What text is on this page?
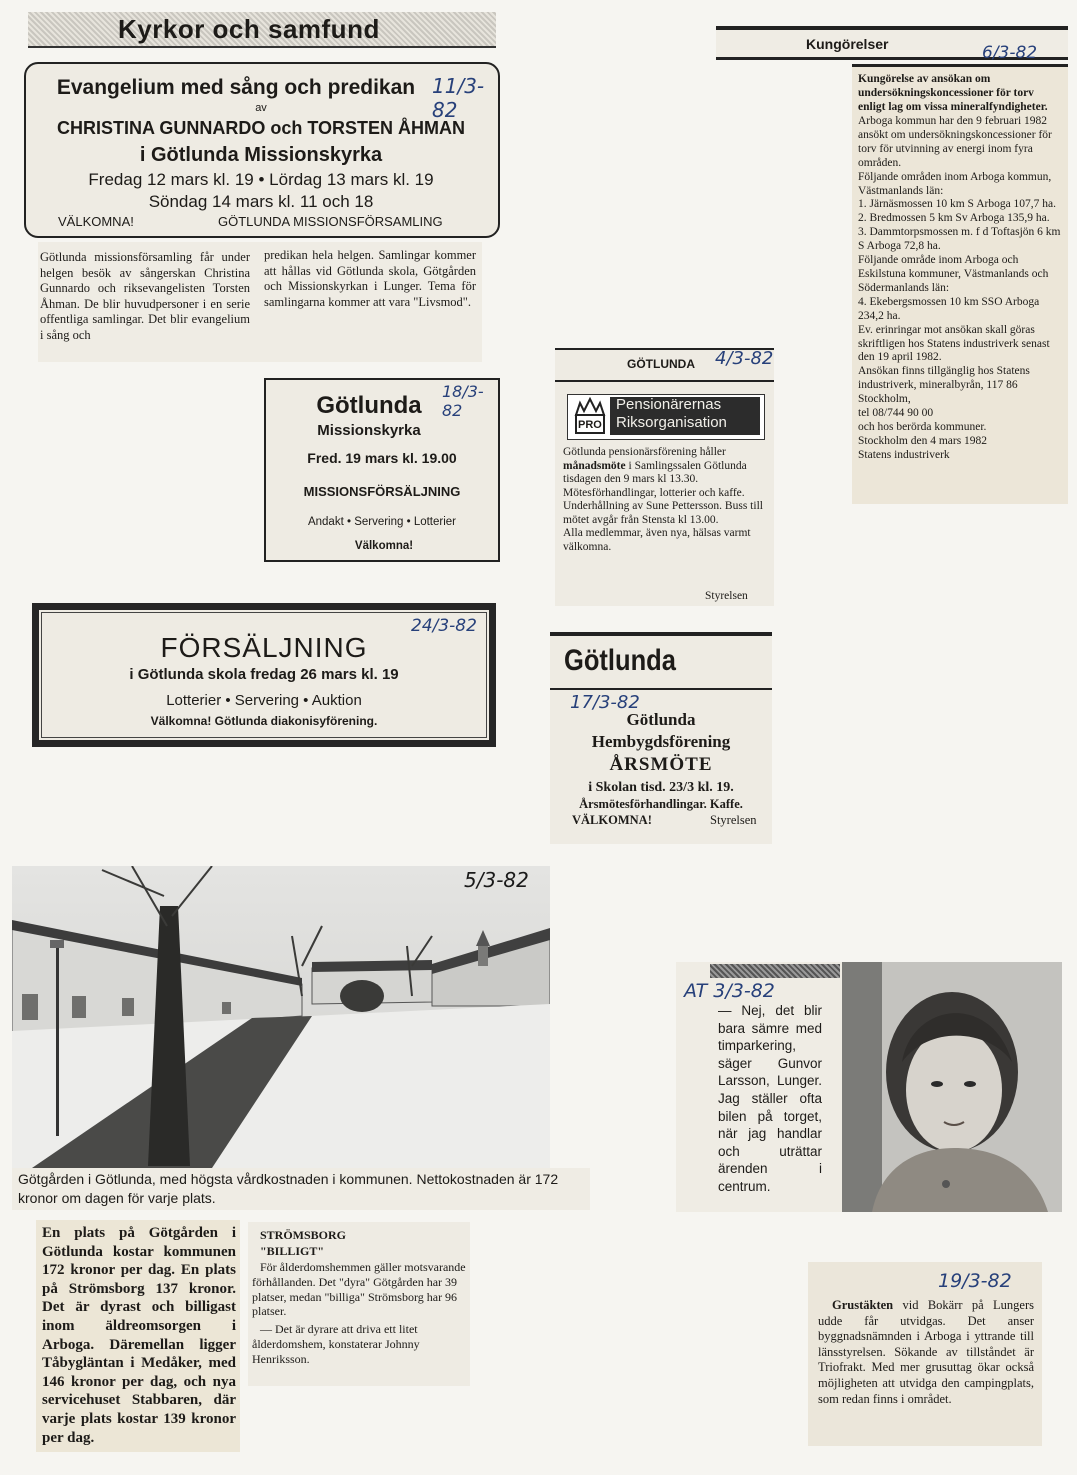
Kyrkor och samfund
11/3-82
Evangelium med sång och predikan
av
CHRISTINA GUNNARDO och TORSTEN ÅHMAN
i Götlunda Missionskyrka
Fredag 12 mars kl. 19 • Lördag 13 mars kl. 19
Söndag 14 mars kl. 11 och 18
VÄLKOMNA!	GÖTLUNDA MISSIONSFÖRSAMLING

Götlunda missionsförsamling får under helgen besök av sångerskan Christina Gunnardo och riksevangelisten Torsten Åhman. De blir huvudpersoner i en serie offentliga samlingar. Det blir evangelium i sång och

predikan hela helgen. Samlingar kommer att hållas vid Götlunda skola, Götgården och Missionskyrkan i Lunger. Tema för samlingarna kommer att vara "Livsmod".

18/3-82
Götlunda
Missionskyrka
Fred. 19 mars kl. 19.00
MISSIONSFÖRSÄLJNING
Andakt • Servering • Lotterier
Välkomna!
24/3-82
FÖRSÄLJNING
i Götlunda skola fredag 26 mars kl. 19
Lotterier • Servering • Auktion
Välkomna! Götlunda diakonisyförening.
Kungörelser	6/3-82

Kungörelse av ansökan om undersökningskoncessioner för torv enligt lag om vissa mineralfyndigheter.

Arboga kommun har den 9 februari 1982 ansökt om undersökningskoncessioner för torv för utvinning av energi inom fyra områden.

Följande områden inom Arboga kommun, Västmanlands län:

1. Järnäsmossen 10 km S Arboga 107,7 ha.

2. Bredmossen 5 km Sv Arboga 135,9 ha.

3. Dammtorpsmossen m. f d Toftasjön 6 km S Arboga 72,8 ha.

Följande område inom Arboga och Eskilstuna kommuner, Västmanlands och Södermanlands län:

4. Ekebergsmossen 10 km SSO Arboga 234,2 ha.

Ev. erinringar mot ansökan skall göras skriftligen hos Statens industriverk senast den 19 april 1982.

Ansökan finns tillgänglig hos Statens industriverk, mineralbyrån, 117 86 Stockholm,

tel 08/744 90 00

och hos berörda kommuner.

Stockholm den 4 mars 1982

Statens industriverk

GÖTLUNDA 4/3-82
PRO
Pensionärernas
Riksorganisation

Götlunda pensionärsförening håller månadsmöte i Samlingssalen Götlunda tisdagen den 9 mars kl 13.30.

Mötesförhandlingar, lotterier och kaffe.

Underhållning av Sune Pettersson. Buss till mötet avgår från Stensta kl 13.00.

Alla medlemmar, även nya, hälsas varmt välkomna.

Styrelsen
Götlunda
17/3-82
Götlunda
Hembygdsförening
ÅRSMÖTE
i Skolan tisd. 23/3 kl. 19.
Årsmötesförhandlingar. Kaffe.
VÄLKOMNA!	Styrelsen
5/3-82
Götgården i Götlunda, med högsta vårdkostnaden i kommunen. Nettokostnaden är 172 kronor om dagen för varje plats.

En plats på Götgården i Götlunda kostar kommunen 172 kronor per dag. En plats på Strömsborg 137 kronor. Det är dyrast och billigast inom äldreomsorgen i Arboga. Däremellan ligger Tåbygläntan i Medåker, med 146 kronor per dag, och nya servicehuset Stabbaren, där varje plats kostar 139 kronor per dag.

STRÖMSBORG
"BILLIGT"

För ålderdomshemmen gäller motsvarande förhållanden. Det "dyra" Götgården har 39 platser, medan "billiga" Strömsborg har 96 platser.

— Det är dyrare att driva ett litet ålderdomshem, konstaterar Johnny Henriksson.

AT 3/3-82

— Nej, det blir bara sämre med timparkering, säger Gunvor Larsson, Lunger. Jag ställer ofta bilen på torget, när jag handlar och uträttar ärenden i centrum.

19/3-82

Grustäkten vid Bokärr på Lungers udde får utvidgas. Det anser byggnadsnämnden i Arboga i yttrande till länsstyrelsen. Sökande av tillståndet är Triofrakt. Med mer grusuttag ökar också möjligheten att utvidga den campingplats, som redan finns i området.
